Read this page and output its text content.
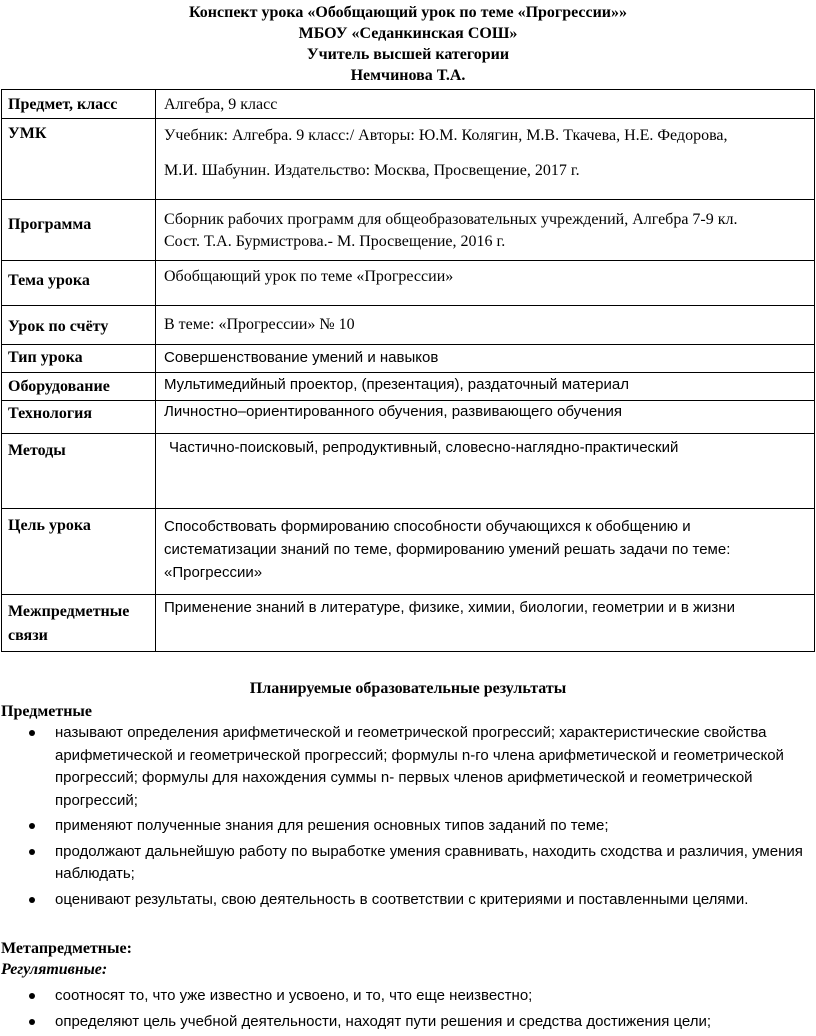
Конспект урока «Обобщающий урок по теме «Прогрессии»»
МБОУ «Седанкинская СОШ»
Учитель высшей категории
Немчинова Т.А.
Предмет, класс	Алгебра, 9 класс
УМК	Учебник: Алгебра. 9 класс:/ Авторы: Ю.М. Колягин, М.В. Ткачева, Н.Е. Федорова,
М.И. Шабунин. Издательство: Москва, Просвещение, 2017 г.

Программа	Сборник рабочих программ для общеобразовательных учреждений, Алгебра 7-9 кл.
Сост. Т.А. Бурмистрова.- М. Просвещение, 2016 г.

Тема урока	Обобщающий урок по теме «Прогрессии»
Урок по счёту	В теме: «Прогрессии» № 10
Тип урока	Совершенствование умений и навыков
Оборудование	Мультимедийный проектор, (презентация), раздаточный материал
Технология	Личностно–ориентированного обучения, развивающего обучения
Методы	Частично-поисковый, репродуктивный, словесно-наглядно-практический
Цель урока	Способствовать формированию способности обучающихся к обобщению и
систематизации знаний по теме, формированию умений решать задачи по теме:
«Прогрессии»

Межпредметные
связи	Применение знаний в литературе, физике, химии, биологии, геометрии и в жизни
Планируемые образовательные результаты
Предметные
называют определения арифметической и геометрической прогрессий; характеристические свойства арифметической и геометрической прогрессий; формулы n-го члена арифметической и геометрической прогрессий; формулы для нахождения суммы n- первых членов арифметической и геометрической прогрессий;
применяют полученные знания для решения основных типов заданий по теме;
продолжают дальнейшую работу по выработке умения сравнивать, находить сходства и различия, умения наблюдать;
оценивают результаты, свою деятельность в соответствии с критериями и поставленными целями.
Метапредметные:
Регулятивные:
соотносят то, что уже известно и усвоено, и то, что еще неизвестно;
определяют цель учебной деятельности, находят пути решения и средства достижения цели;
